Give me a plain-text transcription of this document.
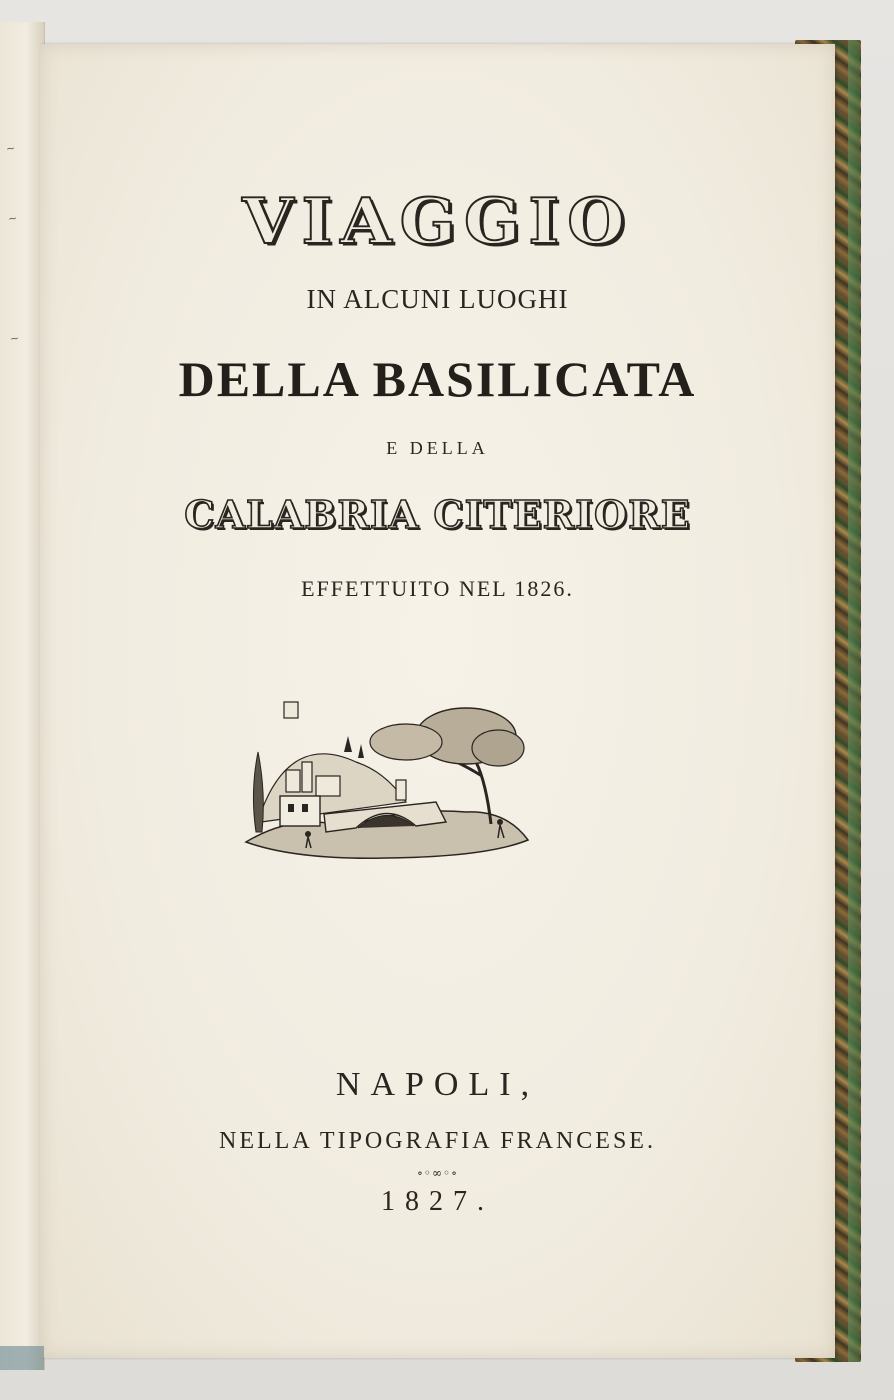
~
~
~
VIAGGIO
IN ALCUNI LUOGHI
DELLA BASILICATA
E DELLA
CALABRIA CITERIORE
EFFETTUITO NEL 1826.
NAPOLI,
NELLA TIPOGRAFIA FRANCESE.
∘◦∞◦∘
1827.
